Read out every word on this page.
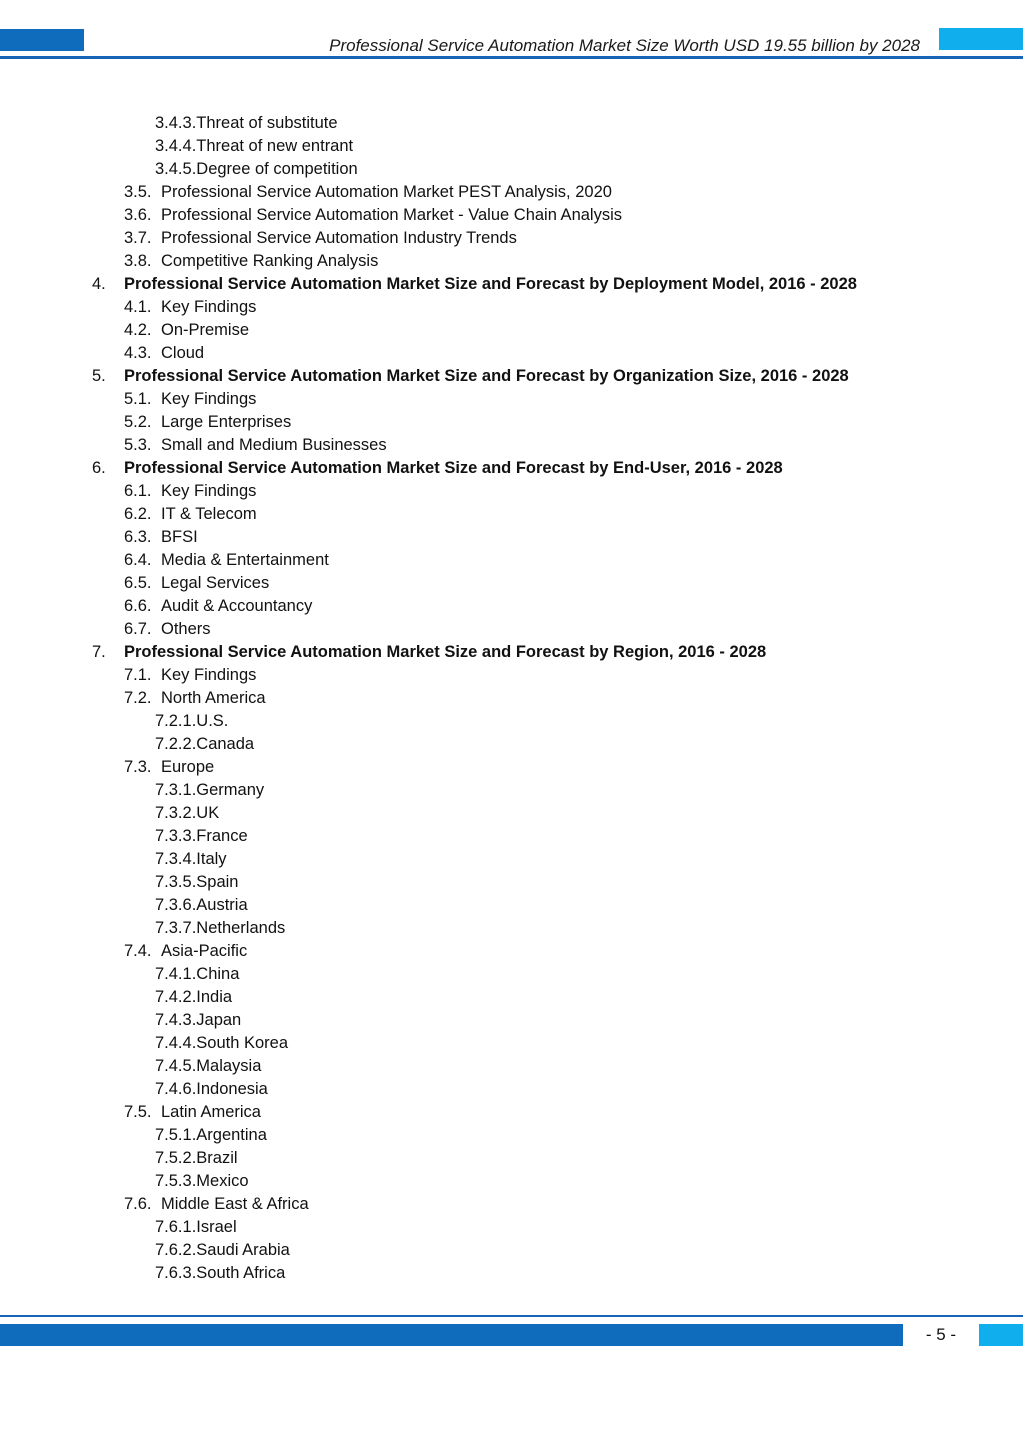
Professional Service Automation Market Size Worth USD 19.55 billion by 2028

3.4.3.Threat of substitute
3.4.4.Threat of new entrant
3.4.5.Degree of competition
3.5. Professional Service Automation Market PEST Analysis, 2020
3.6. Professional Service Automation Market - Value Chain Analysis
3.7. Professional Service Automation Industry Trends
3.8. Competitive Ranking Analysis
4. Professional Service Automation Market Size and Forecast by Deployment Model, 2016 - 2028
4.1. Key Findings
4.2. On-Premise
4.3. Cloud
5. Professional Service Automation Market Size and Forecast by Organization Size, 2016 - 2028
5.1. Key Findings
5.2. Large Enterprises
5.3. Small and Medium Businesses
6. Professional Service Automation Market Size and Forecast by End-User, 2016 - 2028
6.1. Key Findings
6.2. IT & Telecom
6.3. BFSI
6.4. Media & Entertainment
6.5. Legal Services
6.6. Audit & Accountancy
6.7. Others
7. Professional Service Automation Market Size and Forecast by Region, 2016 - 2028
7.1. Key Findings
7.2. North America
7.2.1.U.S.
7.2.2.Canada
7.3. Europe
7.3.1.Germany
7.3.2.UK
7.3.3.France
7.3.4.Italy
7.3.5.Spain
7.3.6.Austria
7.3.7.Netherlands
7.4. Asia-Pacific
7.4.1.China
7.4.2.India
7.4.3.Japan
7.4.4.South Korea
7.4.5.Malaysia
7.4.6.Indonesia
7.5. Latin America
7.5.1.Argentina
7.5.2.Brazil
7.5.3.Mexico
7.6. Middle East & Africa
7.6.1.Israel
7.6.2.Saudi Arabia
7.6.3.South Africa

- 5 -
